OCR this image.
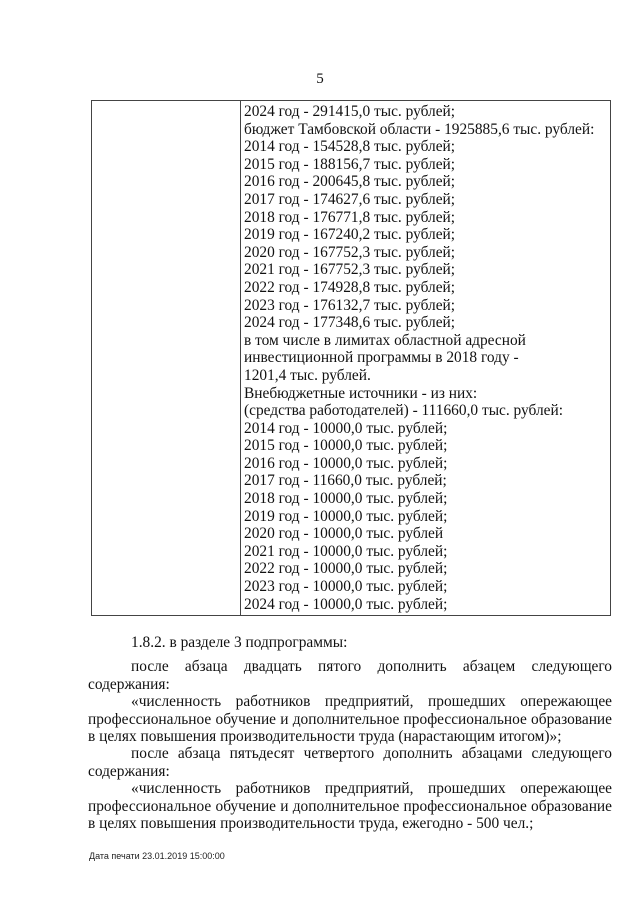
5

2024 год - 291415,0 тыс. рублей;
бюджет Тамбовской области - 1925885,6 тыс. рублей:
2014 год - 154528,8 тыс. рублей;
2015 год - 188156,7 тыс. рублей;
2016 год - 200645,8 тыс. рублей;
2017 год - 174627,6 тыс. рублей;
2018 год - 176771,8 тыс. рублей;
2019 год - 167240,2 тыс. рублей;
2020 год - 167752,3 тыс. рублей;
2021 год - 167752,3 тыс. рублей;
2022 год - 174928,8 тыс. рублей;
2023 год - 176132,7 тыс. рублей;
2024 год - 177348,6 тыс. рублей;
в том числе в лимитах областной адресной
инвестиционной программы в 2018 году -
1201,4 тыс. рублей.
Внебюджетные источники - из них:
(средства работодателей) - 111660,0 тыс. рублей:
2014 год - 10000,0 тыс. рублей;
2015 год - 10000,0 тыс. рублей;
2016 год - 10000,0 тыс. рублей;
2017 год - 11660,0 тыс. рублей;
2018 год - 10000,0 тыс. рублей;
2019 год - 10000,0 тыс. рублей;
2020 год - 10000,0 тыс. рублей
2021 год - 10000,0 тыс. рублей;
2022 год - 10000,0 тыс. рублей;
2023 год - 10000,0 тыс. рублей;
2024 год - 10000,0 тыс. рублей;

1.8.2. в разделе 3 подпрограммы:

после абзаца двадцать пятого дополнить абзацем следующего

содержания:

«численность работников предприятий, прошедших опережающее

профессиональное обучение и дополнительное профессиональное образование

в целях повышения производительности труда (нарастающим итогом)»;

после абзаца пятьдесят четвертого дополнить абзацами следующего

содержания:

«численность работников предприятий, прошедших опережающее

профессиональное обучение и дополнительное профессиональное образование

в целях повышения производительности труда, ежегодно - 500 чел.;

Дата печати 23.01.2019 15:00:00
